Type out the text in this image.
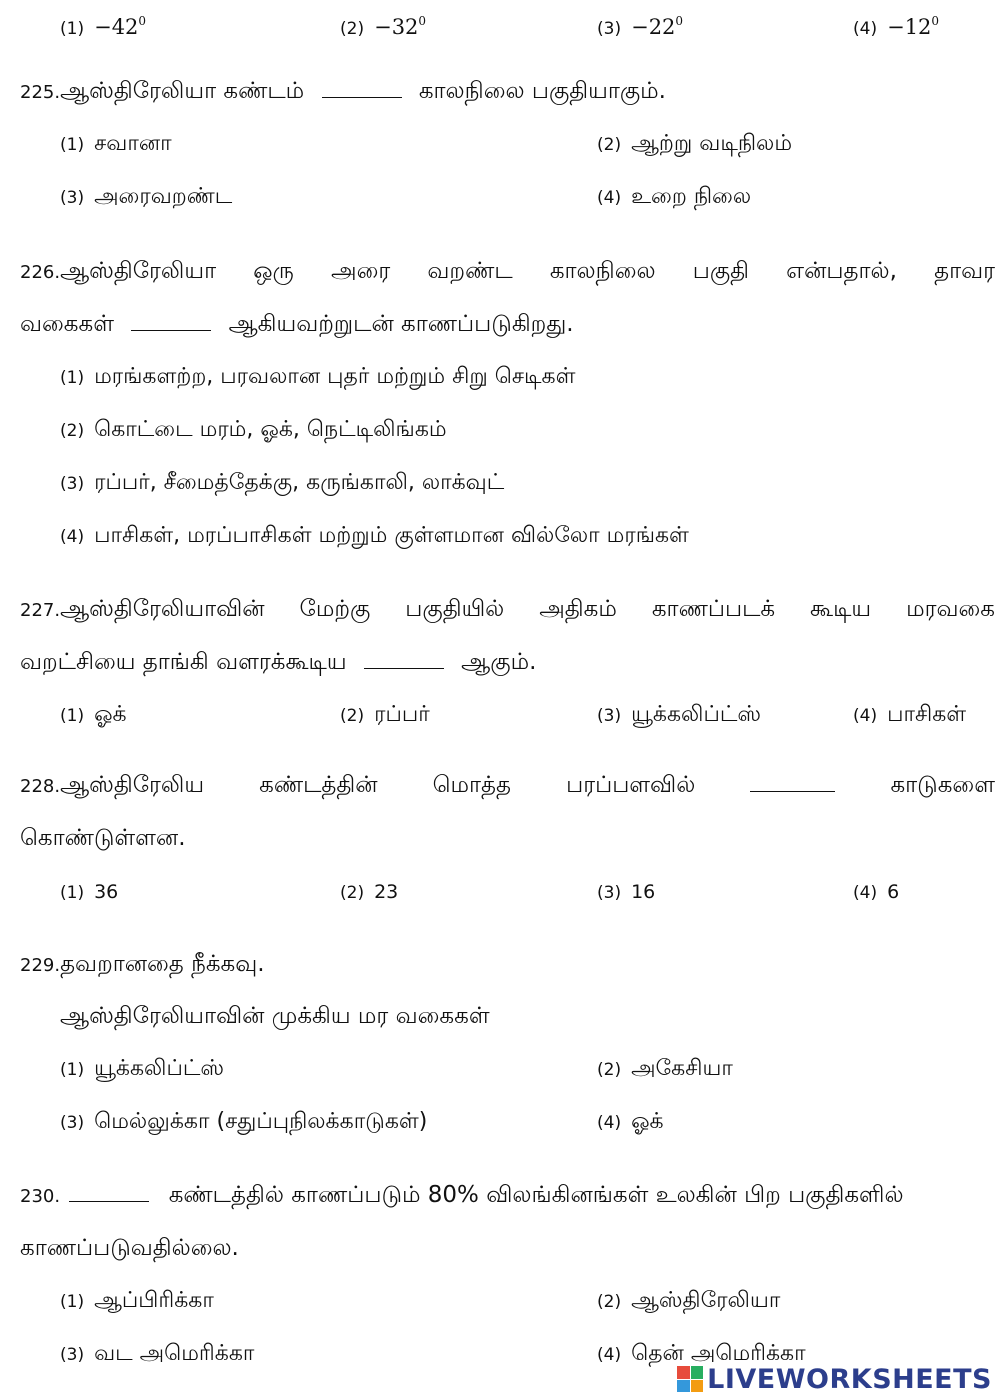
$(1) -42^0$	$(2) -32^0$	$(3) -22^0$	$(4) -12^0$
225.ஆஸ்திரேலியா கண்டம்	காலநிலை பகுதியாகும்.
(1) சவானா	(2) ஆற்று வடிநிலம்
(3) அரைவறண்ட	(4) உறை நிலை
226.ஆஸ்திரேலியா ஒரு அரை வறண்ட காலநிலை பகுதி என்பதால், தாவர
வகைகள்	ஆகியவற்றுடன் காணப்படுகிறது.
(1) மரங்களற்ற, பரவலான புதர் மற்றும் சிறு செடிகள்
(2) கொட்டை மரம், ஓக், நெட்டிலிங்கம்
(3) ரப்பர், சீமைத்தேக்கு, கருங்காலி, லாக்வுட்
(4) பாசிகள், மரப்பாசிகள் மற்றும் குள்ளமான வில்லோ மரங்கள்
227.ஆஸ்திரேலியாவின் மேற்கு பகுதியில் அதிகம் காணப்படக் கூடிய மரவகை
வறட்சியை தாங்கி வளரக்கூடிய	ஆகும்.
(1) ஓக்	(2) ரப்பர்	(3) யூக்கலிப்ட்ஸ்	(4) பாசிகள்
228.ஆஸ்திரேலிய கண்டத்தின் மொத்த பரப்பளவில்	காடுகளை
கொண்டுள்ளன.
(1) 36	(2) 23	(3) 16	(4) 6
229.தவறானதை நீக்கவு.
ஆஸ்திரேலியாவின் முக்கிய மர வகைகள்
(1) யூக்கலிப்ட்ஸ்	(2) அகேசியா
(3) மெல்லுக்கா (சதுப்புநிலக்காடுகள்)	(4) ஓக்
230.	கண்டத்தில் காணப்படும் 80% விலங்கினங்கள் உலகின் பிற பகுதிகளில்
காணப்படுவதில்லை.
(1) ஆப்பிரிக்கா	(2) ஆஸ்திரேலியா
(3) வட அமெரிக்கா	(4) தென் அமெரிக்கா
LIVEWORKSHEETS
